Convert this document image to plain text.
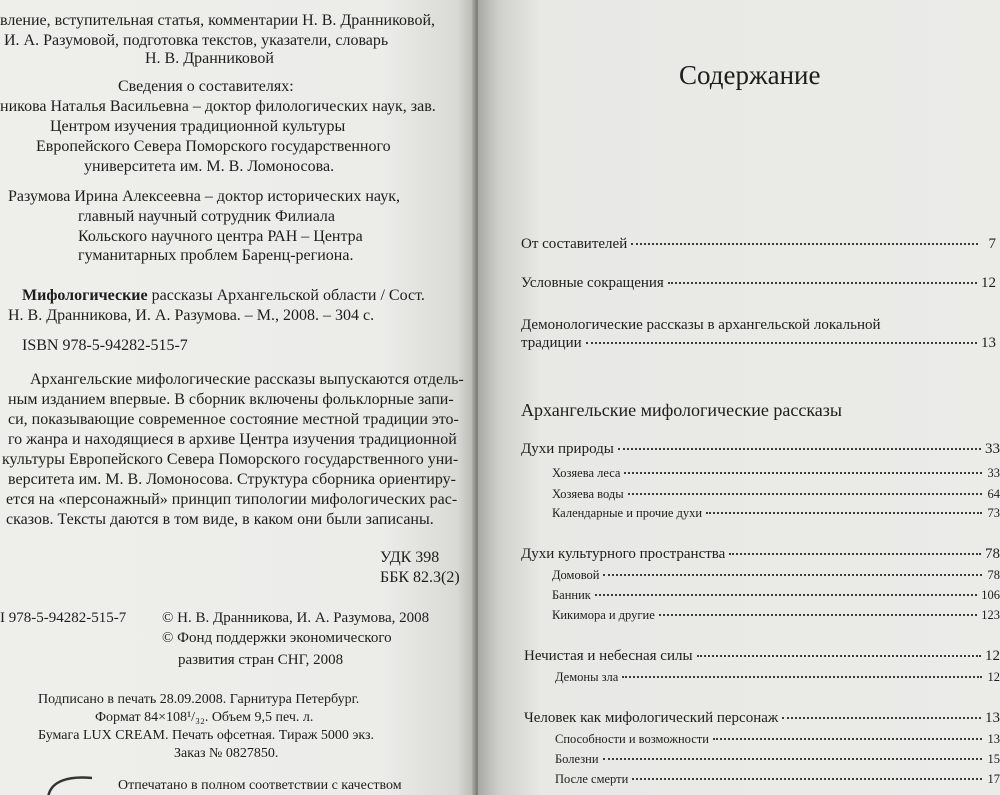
вление, вступительная статья, комментарии Н. В. Дранниковой,
И. А. Разумовой, подготовка текстов, указатели, словарь
Н. В. Дранниковой
Сведения о составителях:
никова Наталья Васильевна – доктор филологических наук, зав.
Центром изучения традиционной культуры
Европейского Севера Поморского государственного
университета им. М. В. Ломоносова.
Разумова Ирина Алексеевна – доктор исторических наук,
главный научный сотрудник Филиала
Кольского научного центра РАН – Центра
гуманитарных проблем Баренц-региона.
Мифологические рассказы Архангельской области / Сост.
Н. В. Дранникова, И. А. Разумова. – М., 2008. – 304 с.
ISBN 978-5-94282-515-7
Архангельские мифологические рассказы выпускаются отдель-
ным изданием впервые. В сборник включены фольклорные запи-
си, показывающие современное состояние местной традиции это-
го жанра и находящиеся в архиве Центра изучения традиционной
культуры Европейского Севера Поморского государственного уни-
верситета им. М. В. Ломоносова. Структура сборника ориентиру-
ется на «персонажный» принцип типологии мифологических рас-
сказов. Тексты даются в том виде, в каком они были записаны.
УДК 398
ББК 82.3(2)
I 978-5-94282-515-7 © Н. В. Дранникова, И. А. Разумова, 2008
© Фонд поддержки экономического
развития стран СНГ, 2008
Подписано в печать 28.09.2008. Гарнитура Петербург.
Формат 84×108¹/₃₂. Объем 9,5 печ. л.
Бумага LUX CREAM. Печать офсетная. Тираж 5000 экз.
Заказ № 0827850.
Отпечатано в полном соответствии с качеством
Содержание
От составителей	7
Условные сокращения	12
Демонологические рассказы в архангельской локальной
традиции	13
Архангельские мифологические рассказы
Духи природы	33
Хозяева леса	33
Хозяева воды	64
Календарные и прочие духи	73
Духи культурного пространства	78
Домовой	78
Банник	106
Кикимора и другие	123
Нечистая и небесная силы	12
Демоны зла	12
Человек как мифологический персонаж	13
Способности и возможности	13
Болезни	15
После смерти	17
